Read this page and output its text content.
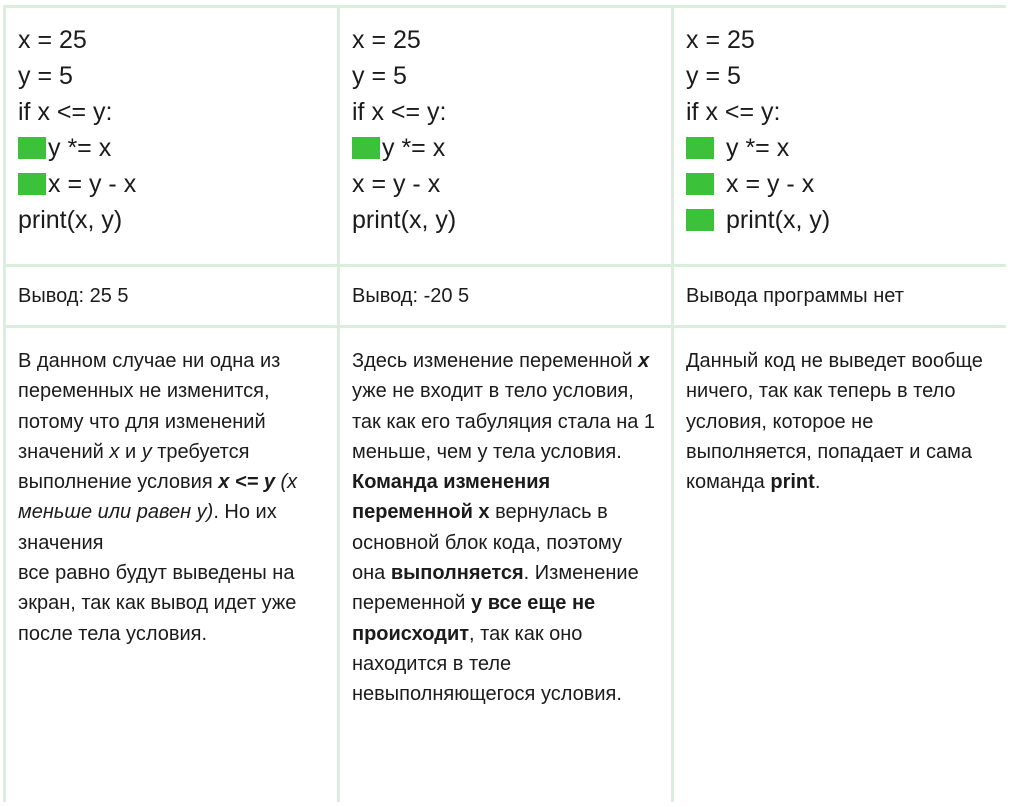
x = 25
y = 5
if x <= y:
y *= x
x = y - x
print(x, y)
x = 25
y = 5
if x <= y:
y *= x
x = y - x
print(x, y)
x = 25
y = 5
if x <= y:
y *= x
x = y - x
print(x, y)
Вывод: 25 5	Вывод: -20 5	Вывода программы нет

В данном случае ни одна из переменных не изменится, потому что для изменений значений x и y требуется выполнение условия x <= y (x меньше или равен y). Но их значения

все равно будут выведены на экран, так как вывод идет уже после тела условия.

Здесь изменение переменной x уже не входит в тело условия, так как его табуляция стала на 1 меньше, чем y тела условия. Команда изменения переменной x вернулась в основной блок кода, поэтому она выполняется. Изменение переменной y все еще не происходит, так как оно находится в теле невыполняющегося условия.

Данный код не выведет вообще ничего, так как теперь в тело условия, которое не выполняется, попадает и сама команда print.
